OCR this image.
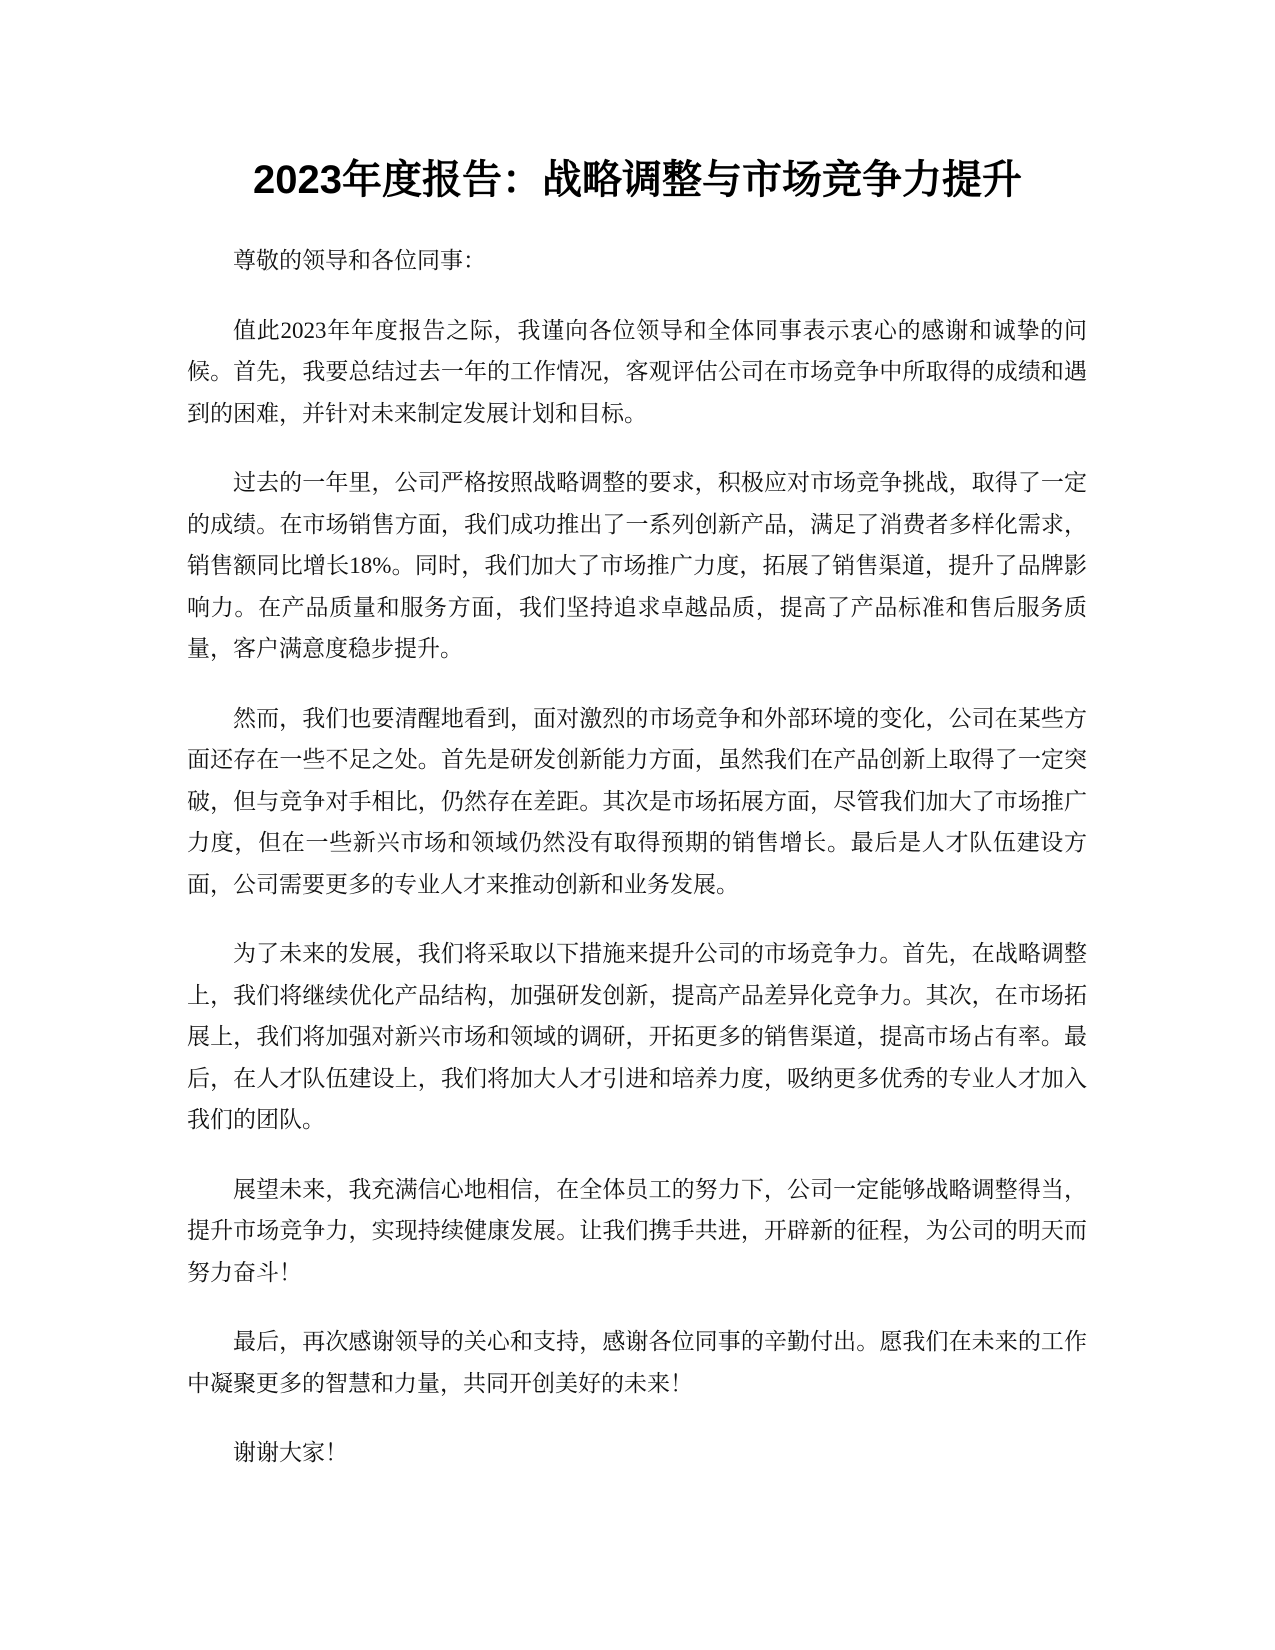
2023年度报告：战略调整与市场竞争力提升

尊敬的领导和各位同事：

值此2023年年度报告之际，我谨向各位领导和全体同事表示衷心的感谢和诚挚的问候。首先，我要总结过去一年的工作情况，客观评估公司在市场竞争中所取得的成绩和遇到的困难，并针对未来制定发展计划和目标。

过去的一年里，公司严格按照战略调整的要求，积极应对市场竞争挑战，取得了一定的成绩。在市场销售方面，我们成功推出了一系列创新产品，满足了消费者多样化需求，销售额同比增长18%。同时，我们加大了市场推广力度，拓展了销售渠道，提升了品牌影响力。在产品质量和服务方面，我们坚持追求卓越品质，提高了产品标准和售后服务质量，客户满意度稳步提升。

然而，我们也要清醒地看到，面对激烈的市场竞争和外部环境的变化，公司在某些方面还存在一些不足之处。首先是研发创新能力方面，虽然我们在产品创新上取得了一定突破，但与竞争对手相比，仍然存在差距。其次是市场拓展方面，尽管我们加大了市场推广力度，但在一些新兴市场和领域仍然没有取得预期的销售增长。最后是人才队伍建设方面，公司需要更多的专业人才来推动创新和业务发展。

为了未来的发展，我们将采取以下措施来提升公司的市场竞争力。首先，在战略调整上，我们将继续优化产品结构，加强研发创新，提高产品差异化竞争力。其次，在市场拓展上，我们将加强对新兴市场和领域的调研，开拓更多的销售渠道，提高市场占有率。最后，在人才队伍建设上，我们将加大人才引进和培养力度，吸纳更多优秀的专业人才加入我们的团队。

展望未来，我充满信心地相信，在全体员工的努力下，公司一定能够战略调整得当，提升市场竞争力，实现持续健康发展。让我们携手共进，开辟新的征程，为公司的明天而努力奋斗！

最后，再次感谢领导的关心和支持，感谢各位同事的辛勤付出。愿我们在未来的工作中凝聚更多的智慧和力量，共同开创美好的未来！

谢谢大家！
